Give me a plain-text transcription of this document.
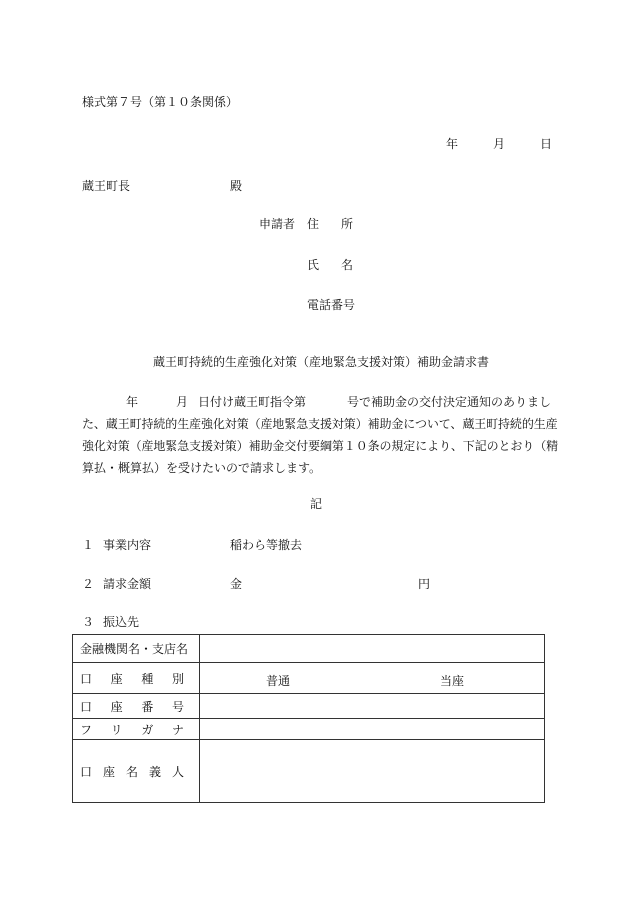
様式第７号（第１０条関係）
年	月	日
蔵王町長	殿
申請者 住 所
氏 名
電話番号
蔵王町持続的生産強化対策（産地緊急支援対策）補助金請求書
年	月 日付け蔵王町指令第	号で補助金の交付決定通知のありまし
た、蔵王町持続的生産強化対策（産地緊急支援対策）補助金について、蔵王町持続的生産
強化対策（産地緊急支援対策）補助金交付要綱第１０条の規定により、下記のとおり（精
算払・概算払）を受けたいので請求します。
記
１ 事業内容	稲わら等撤去
２ 請求金額	金	円
３ 振込先
金融機関名・支店名	

口 座 種 別	普通 当座

口 座 番 号	

フ リ ガ ナ	

口 座 名 義 人	
